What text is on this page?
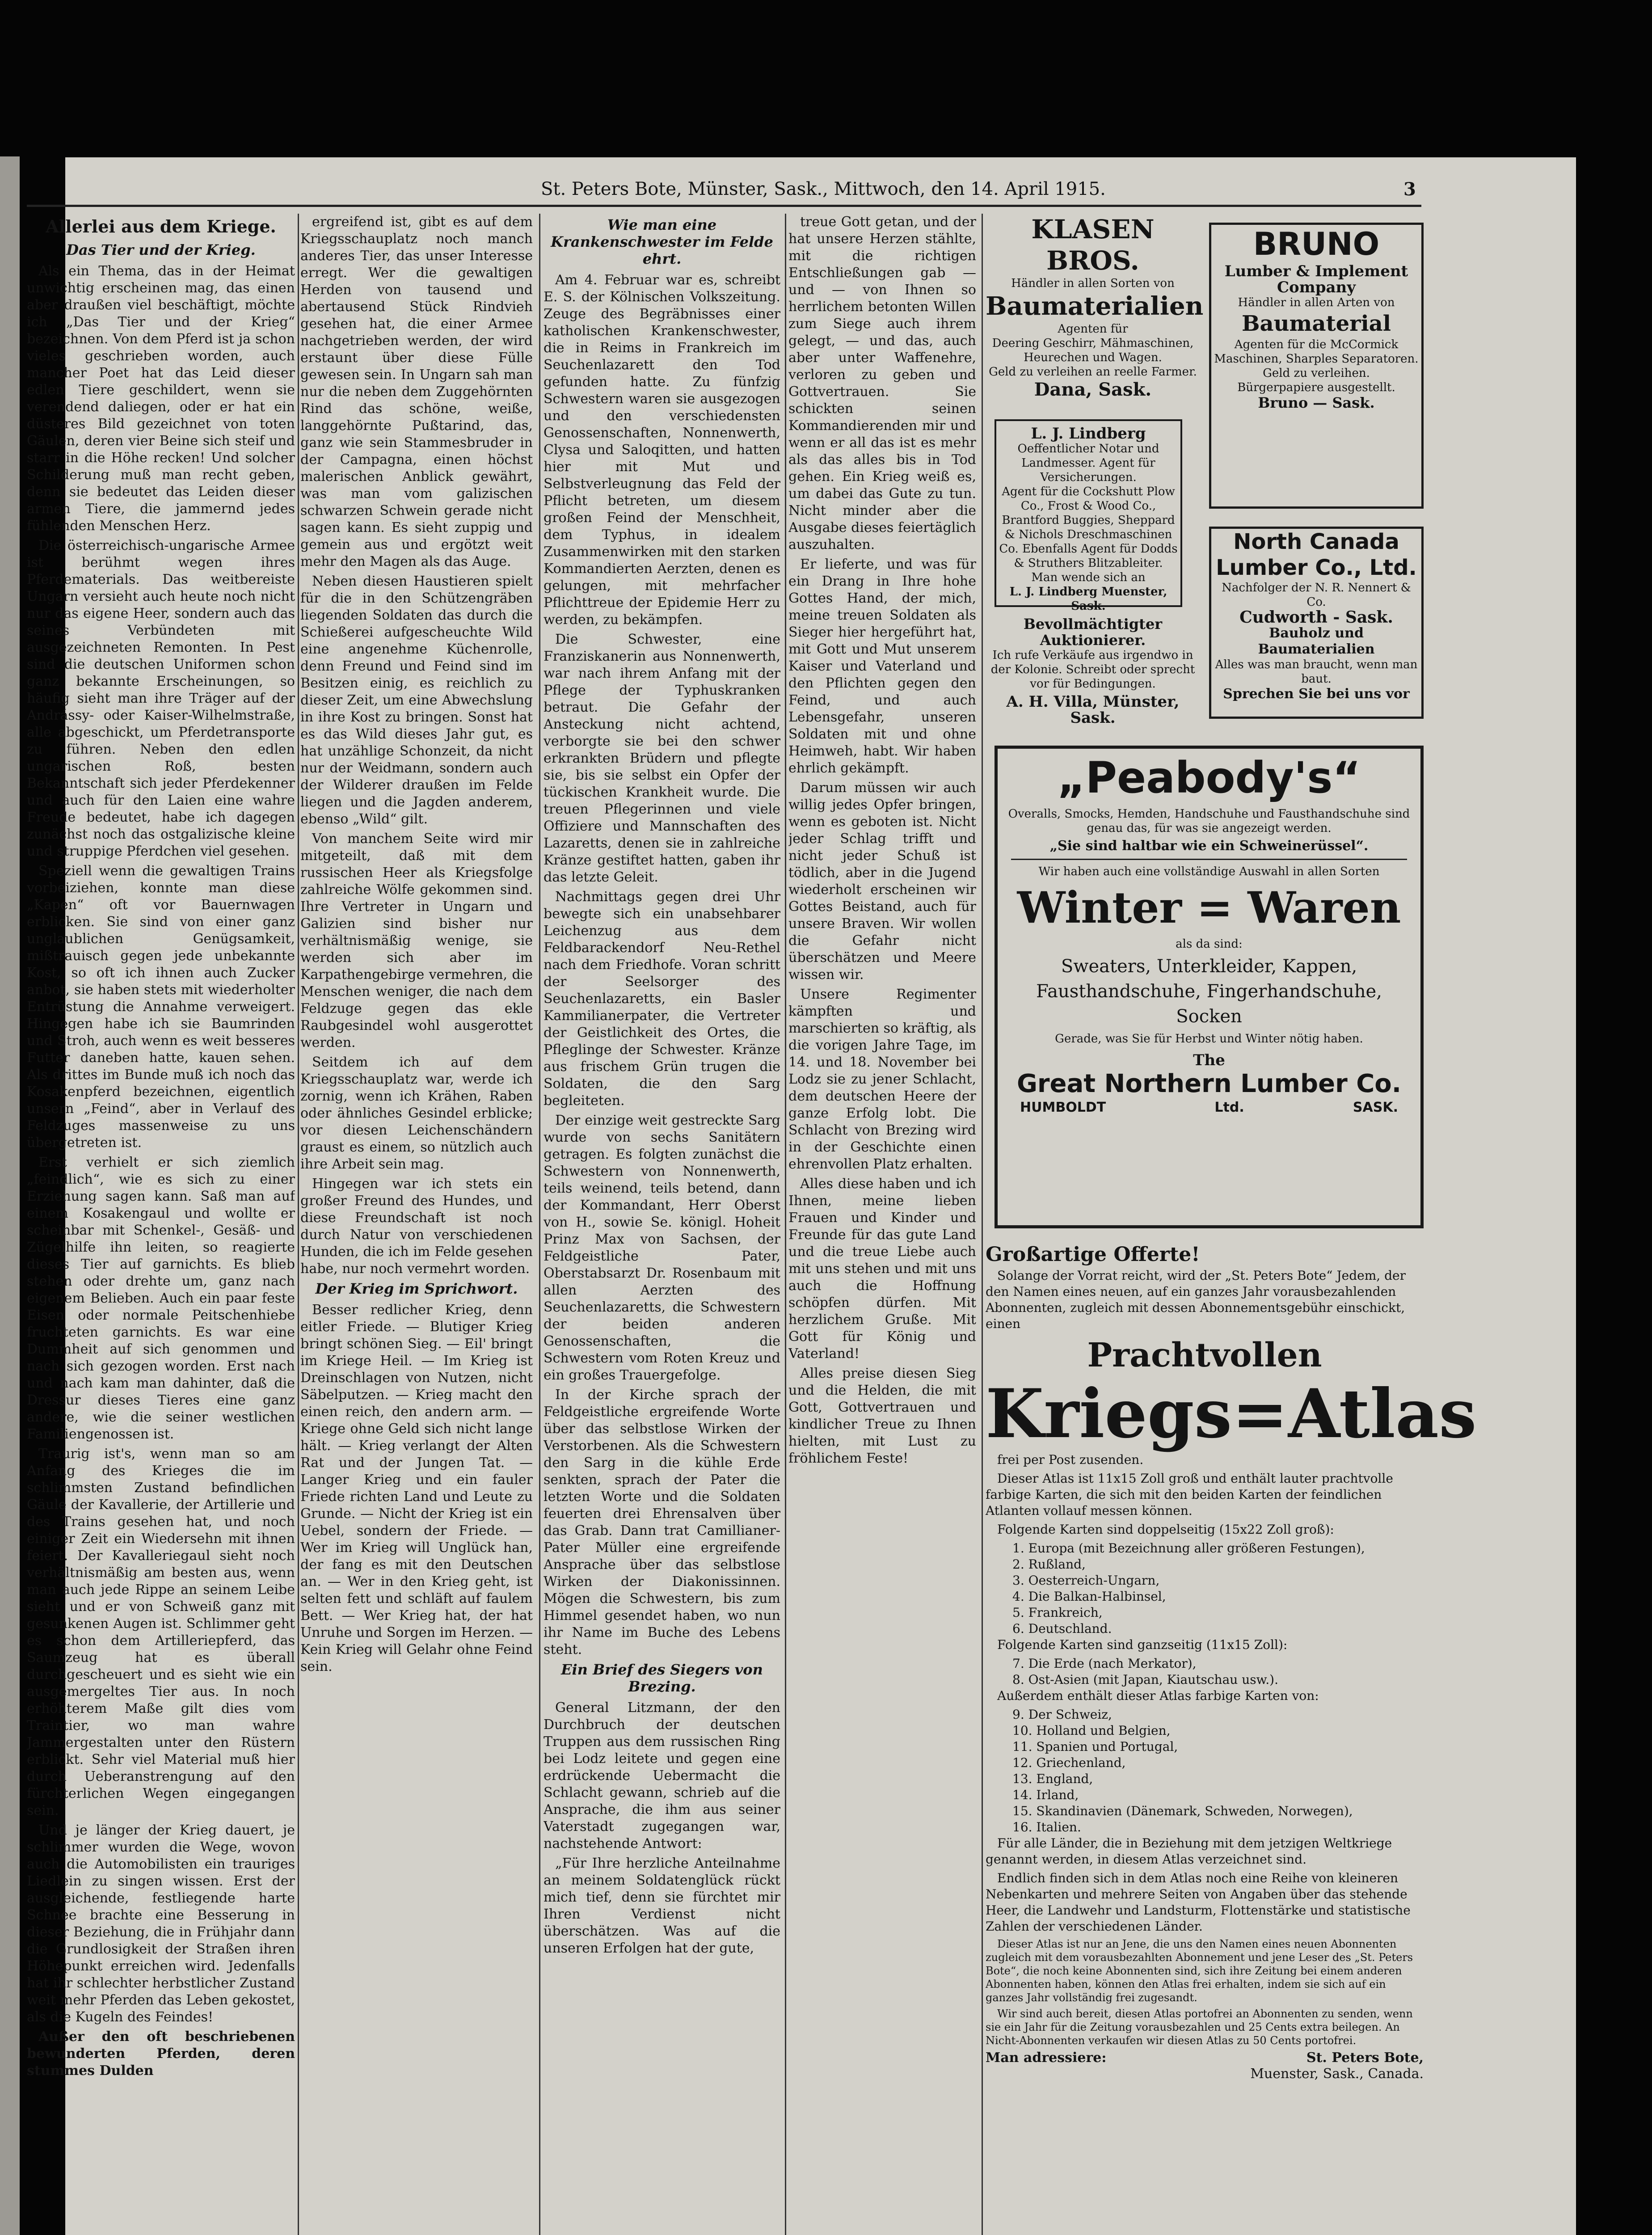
St. Peters Bote, Münster, Sask., Mittwoch, den 14. April 1915.	3
Allerlei aus dem Kriege.
Das Tier und der Krieg.

Als ein Thema, das in der Heimat unwichtig erscheinen mag, das einen aber draußen viel beschäftigt, möchte ich „Das Tier und der Krieg“ bezeichnen. Von dem Pferd ist ja schon vieles geschrieben worden, auch mancher Poet hat das Leid dieser edlen Tiere geschildert, wenn sie verendend daliegen, oder er hat ein düsteres Bild gezeichnet von toten Gäulen, deren vier Beine sich steif und starr in die Höhe recken! Und solcher Schilderung muß man recht geben, denn sie bedeutet das Leiden dieser armen Tiere, die jammernd jedes fühlenden Menschen Herz.

Die österreichisch-ungarische Armee ist berühmt wegen ihres Pferdematerials. Das weitbereiste Ungarn versieht auch heute noch nicht nur das eigene Heer, sondern auch das seines Verbündeten mit ausgezeichneten Remonten. In Pest sind die deutschen Uniformen schon ganz bekannte Erscheinungen, so häufig sieht man ihre Träger auf der Andrássy- oder Kaiser-Wilhelmstraße, alle abgeschickt, um Pferdetransporte zu führen. Neben den edlen ungarischen Roß, besten Bekanntschaft sich jeder Pferdekenner und auch für den Laien eine wahre Freude bedeutet, habe ich dagegen zunächst noch das ostgalizische kleine und struppige Pferdchen viel gesehen.

Speziell wenn die gewaltigen Trains vorbeiziehen, konnte man diese „Kapen“ oft vor Bauernwagen erblicken. Sie sind von einer ganz unglaublichen Genügsamkeit, mißtrauisch gegen jede unbekannte Kost, so oft ich ihnen auch Zucker anbot, sie haben stets mit wiederholter Entrüstung die Annahme verweigert. Hingegen habe ich sie Baumrinden und Stroh, auch wenn es weit besseres Futter daneben hatte, kauen sehen. Als drittes im Bunde muß ich noch das Kosakenpferd bezeichnen, eigentlich unsern „Feind“, aber in Verlauf des Feldzuges massenweise zu uns übergetreten ist.

Erst verhielt er sich ziemlich „feindlich“, wie es sich zu einer Erziehung sagen kann. Saß man auf einem Kosakengaul und wollte er scheinbar mit Schenkel-, Gesäß- und Zügelhilfe ihn leiten, so reagierte dieses Tier auf garnichts. Es blieb stehen oder drehte um, ganz nach eigenem Belieben. Auch ein paar feste Eisen oder normale Peitschenhiebe fruchteten garnichts. Es war eine Dummheit auf sich genommen und nach sich gezogen worden. Erst nach und nach kam man dahinter, daß die Dressur dieses Tieres eine ganz andere, wie die seiner westlichen Familiengenossen ist.

Traurig ist's, wenn man so am Anfang des Krieges die im schlimmsten Zustand befindlichen Gäule der Kavallerie, der Artillerie und des Trains gesehen hat, und noch einiger Zeit ein Wiedersehn mit ihnen feiert. Der Kavalleriegaul sieht noch verhältnismäßig am besten aus, wenn man auch jede Rippe an seinem Leibe sieht und er von Schweiß ganz mit gesunkenen Augen ist. Schlimmer geht es schon dem Artilleriepferd, das Saumzeug hat es überall durchgescheuert und es sieht wie ein ausgemergeltes Tier aus. In noch erhöhterem Maße gilt dies vom Traintier, wo man wahre Jammergestalten unter den Rüstern erblickt. Sehr viel Material muß hier durch Ueberanstrengung auf den fürchterlichen Wegen eingegangen sein.

Und je länger der Krieg dauert, je schlimmer wurden die Wege, wovon auch die Automobilisten ein trauriges Liedlein zu singen wissen. Erst der ausgleichende, festliegende harte Schnee brachte eine Besserung in dieser Beziehung, die in Frühjahr dann die Grundlosigkeit der Straßen ihren Höhepunkt erreichen wird. Jedenfalls hat ihr schlechter herbstlicher Zustand weit mehr Pferden das Leben gekostet, als die Kugeln des Feindes!

Außer den oft beschriebenen bewunderten Pferden, deren stummes Dulden

ergreifend ist, gibt es auf dem Kriegsschauplatz noch manch anderes Tier, das unser Interesse erregt. Wer die gewaltigen Herden von tausend und abertausend Stück Rindvieh gesehen hat, die einer Armee nachgetrieben werden, der wird erstaunt über diese Fülle gewesen sein. In Ungarn sah man nur die neben dem Zuggehörnten Rind das schöne, weiße, langgehörnte Pußtarind, das, ganz wie sein Stammesbruder in der Campagna, einen höchst malerischen Anblick gewährt, was man vom galizischen schwarzen Schwein gerade nicht sagen kann. Es sieht zuppig und gemein aus und ergötzt weit mehr den Magen als das Auge.

Neben diesen Haustieren spielt für die in den Schützengräben liegenden Soldaten das durch die Schießerei aufgescheuchte Wild eine angenehme Küchenrolle, denn Freund und Feind sind im Besitzen einig, es reichlich zu dieser Zeit, um eine Abwechslung in ihre Kost zu bringen. Sonst hat es das Wild dieses Jahr gut, es hat unzählige Schonzeit, da nicht nur der Weidmann, sondern auch der Wilderer draußen im Felde liegen und die Jagden anderem, ebenso „Wild“ gilt.

Von manchem Seite wird mir mitgeteilt, daß mit dem russischen Heer als Kriegsfolge zahlreiche Wölfe gekommen sind. Ihre Vertreter in Ungarn und Galizien sind bisher nur verhältnismäßig wenige, sie werden sich aber im Karpathengebirge vermehren, die Menschen weniger, die nach dem Feldzuge gegen das ekle Raubgesindel wohl ausgerottet werden.

Seitdem ich auf dem Kriegsschauplatz war, werde ich zornig, wenn ich Krähen, Raben oder ähnliches Gesindel erblicke; vor diesen Leichenschändern graust es einem, so nützlich auch ihre Arbeit sein mag.

Hingegen war ich stets ein großer Freund des Hundes, und diese Freundschaft ist noch durch Natur von verschiedenen Hunden, die ich im Felde gesehen habe, nur noch vermehrt worden.

Der Krieg im Sprichwort.

Besser redlicher Krieg, denn eitler Friede. — Blutiger Krieg bringt schönen Sieg. — Eil' bringt im Kriege Heil. — Im Krieg ist Dreinschlagen von Nutzen, nicht Säbelputzen. — Krieg macht den einen reich, den andern arm. — Kriege ohne Geld sich nicht lange hält. — Krieg verlangt der Alten Rat und der Jungen Tat. — Langer Krieg und ein fauler Friede richten Land und Leute zu Grunde. — Nicht der Krieg ist ein Uebel, sondern der Friede. — Wer im Krieg will Unglück han, der fang es mit den Deutschen an. — Wer in den Krieg geht, ist selten fett und schläft auf faulem Bett. — Wer Krieg hat, der hat Unruhe und Sorgen im Herzen. — Kein Krieg will Gelahr ohne Feind sein.

Wie man eine Krankenschwester im Felde ehrt.

Am 4. Februar war es, schreibt E. S. der Kölnischen Volkszeitung. Zeuge des Begräbnisses einer katholischen Krankenschwester, die in Reims in Frankreich im Seuchenlazarett den Tod gefunden hatte. Zu fünfzig Schwestern waren sie ausgezogen und den verschiedensten Genossenschaften, Nonnenwerth, Clysa und Saloqitten, und hatten hier mit Mut und Selbstverleugnung das Feld der Pflicht betreten, um diesem großen Feind der Menschheit, dem Typhus, in idealem Zusammenwirken mit den starken Kommandierten Aerzten, denen es gelungen, mit mehrfacher Pflichttreue der Epidemie Herr zu werden, zu bekämpfen.

Die Schwester, eine Franziskanerin aus Nonnenwerth, war nach ihrem Anfang mit der Pflege der Typhuskranken betraut. Die Gefahr der Ansteckung nicht achtend, verborgte sie bei den schwer erkrankten Brüdern und pflegte sie, bis sie selbst ein Opfer der tückischen Krankheit wurde. Die treuen Pflegerinnen und viele Offiziere und Mannschaften des Lazaretts, denen sie in zahlreiche Kränze gestiftet hatten, gaben ihr das letzte Geleit.

Nachmittags gegen drei Uhr bewegte sich ein unabsehbarer Leichenzug aus dem Feldbarackendorf Neu-Rethel nach dem Friedhofe. Voran schritt der Seelsorger des Seuchenlazaretts, ein Basler Kammilianerpater, die Vertreter der Geistlichkeit des Ortes, die Pfleglinge der Schwester. Kränze aus frischem Grün trugen die Soldaten, die den Sarg begleiteten.

Der einzige weit gestreckte Sarg wurde von sechs Sanitätern getragen. Es folgten zunächst die Schwestern von Nonnenwerth, teils weinend, teils betend, dann der Kommandant, Herr Oberst von H., sowie Se. königl. Hoheit Prinz Max von Sachsen, der Feldgeistliche Pater, Oberstabsarzt Dr. Rosenbaum mit allen Aerzten des Seuchenlazaretts, die Schwestern der beiden anderen Genossenschaften, die Schwestern vom Roten Kreuz und ein großes Trauergefolge.

In der Kirche sprach der Feldgeistliche ergreifende Worte über das selbstlose Wirken der Verstorbenen. Als die Schwestern den Sarg in die kühle Erde senkten, sprach der Pater die letzten Worte und die Soldaten feuerten drei Ehrensalven über das Grab. Dann trat Camillianer-Pater Müller eine ergreifende Ansprache über das selbstlose Wirken der Diakonissinnen. Mögen die Schwestern, bis zum Himmel gesendet haben, wo nun ihr Name im Buche des Lebens steht.

Ein Brief des Siegers von Brezing.

General Litzmann, der den Durchbruch der deutschen Truppen aus dem russischen Ring bei Lodz leitete und gegen eine erdrückende Uebermacht die Schlacht gewann, schrieb auf die Ansprache, die ihm aus seiner Vaterstadt zugegangen war, nachstehende Antwort:

„Für Ihre herzliche Anteilnahme an meinem Soldatenglück rückt mich tief, denn sie fürchtet mir Ihren Verdienst nicht überschätzen. Was auf die unseren Erfolgen hat der gute,

treue Gott getan, und der hat unsere Herzen stählte, mit die richtigen Entschließungen gab — und — von Ihnen so herrlichem betonten Willen zum Siege auch ihrem gelegt, — und das, auch aber unter Waffenehre, verloren zu geben und Gottvertrauen. Sie schickten seinen Kommandierenden mir und wenn er all das ist es mehr als das alles bis in Tod gehen. Ein Krieg weiß es, um dabei das Gute zu tun. Nicht minder aber die Ausgabe dieses feiertäglich auszuhalten.

Er lieferte, und was für ein Drang in Ihre hohe Gottes Hand, der mich, meine treuen Soldaten als Sieger hier hergeführt hat, mit Gott und Mut unserem Kaiser und Vaterland und den Pflichten gegen den Feind, und auch Lebensgefahr, unseren Soldaten mit und ohne Heimweh, habt. Wir haben ehrlich gekämpft.

Darum müssen wir auch willig jedes Opfer bringen, wenn es geboten ist. Nicht jeder Schlag trifft und nicht jeder Schuß ist tödlich, aber in die Jugend wiederholt erscheinen wir Gottes Beistand, auch für unsere Braven. Wir wollen die Gefahr nicht überschätzen und Meere wissen wir.

Unsere Regimenter kämpften und marschierten so kräftig, als die vorigen Jahre Tage, im 14. und 18. November bei Lodz sie zu jener Schlacht, dem deutschen Heere der ganze Erfolg lobt. Die Schlacht von Brezing wird in der Geschichte einen ehrenvollen Platz erhalten.

Alles diese haben und ich Ihnen, meine lieben Frauen und Kinder und Freunde für das gute Land und die treue Liebe auch mit uns stehen und mit uns auch die Hoffnung schöpfen dürfen. Mit herzlichem Gruße. Mit Gott für König und Vaterland!

Alles preise diesen Sieg und die Helden, die mit Gott, Gottvertrauen und kindlicher Treue zu Ihnen hielten, mit Lust zu fröhlichem Feste!

KLASEN BROS.
Händler in allen Sorten von
Baumaterialien
Agenten für
Deering Geschirr, Mähmaschinen, Heurechen und Wagen.
Geld zu verleihen an reelle Farmer.
Dana, Sask.
L. J. Lindberg
Oeffentlicher Notar und Landmesser. Agent für Versicherungen.
Agent für die Cockshutt Plow Co., Frost & Wood Co., Brantford Buggies, Sheppard & Nichols Dreschmaschinen Co. Ebenfalls Agent für Dodds & Struthers Blitzableiter.
Man wende sich an
L. J. Lindberg Muenster, Sask.
Bevollmächtigter Auktionierer.
Ich rufe Verkäufe aus irgendwo in der Kolonie. Schreibt oder sprecht vor für Bedingungen.
A. H. Villa, Münster, Sask.
BRUNO
Lumber & Implement Company
Händler in allen Arten von
Baumaterial
Agenten für die McCormick Maschinen, Sharples Separatoren.
Geld zu verleihen.
Bürgerpapiere ausgestellt.
Bruno — Sask.
North Canada Lumber Co., Ltd.
Nachfolger der N. R. Nennert & Co.
Cudworth - Sask.
Bauholz und Baumaterialien
Alles was man braucht, wenn man baut.
Sprechen Sie bei uns vor
„Peabody's“
Overalls, Smocks, Hemden, Handschuhe und Fausthandschuhe sind genau das, für was sie angezeigt werden.
„Sie sind haltbar wie ein Schweinerüssel“.
Wir haben auch eine vollständige Auswahl in allen Sorten
Winter = Waren
als da sind:
Sweaters, Unterkleider, Kappen, Fausthandschuhe, Fingerhandschuhe, Socken
Gerade, was Sie für Herbst und Winter nötig haben.
The
Great Northern Lumber Co.
HUMBOLDT	Ltd.	SASK.
Großartige Offerte!

Solange der Vorrat reicht, wird der „St. Peters Bote“ Jedem, der den Namen eines neuen, auf ein ganzes Jahr vorausbezahlenden Abonnenten, zugleich mit dessen Abonnementsgebühr einschickt, einen

Prachtvollen
Kriegs=Atlas

frei per Post zusenden.

Dieser Atlas ist 11x15 Zoll groß und enthält lauter prachtvolle farbige Karten, die sich mit den beiden Karten der feindlichen Atlanten vollauf messen können.

Folgende Karten sind doppelseitig (15x22 Zoll groß):

1. Europa (mit Bezeichnung aller größeren Festungen),
2. Rußland,
3. Oesterreich-Ungarn,
4. Die Balkan-Halbinsel,
5. Frankreich,
6. Deutschland.

Folgende Karten sind ganzseitig (11x15 Zoll):

7. Die Erde (nach Merkator),
8. Ost-Asien (mit Japan, Kiautschau usw.).

Außerdem enthält dieser Atlas farbige Karten von:

9. Der Schweiz,
10. Holland und Belgien,
11. Spanien und Portugal,
12. Griechenland,
13. England,
14. Irland,
15. Skandinavien (Dänemark, Schweden, Norwegen),
16. Italien.

Für alle Länder, die in Beziehung mit dem jetzigen Weltkriege genannt werden, in diesem Atlas verzeichnet sind.

Endlich finden sich in dem Atlas noch eine Reihe von kleineren Nebenkarten und mehrere Seiten von Angaben über das stehende Heer, die Landwehr und Landsturm, Flottenstärke und statistische Zahlen der verschiedenen Länder.

Dieser Atlas ist nur an Jene, die uns den Namen eines neuen Abonnenten zugleich mit dem vorausbezahlten Abonnement und jene Leser des „St. Peters Bote“, die noch keine Abonnenten sind, sich ihre Zeitung bei einem anderen Abonnenten haben, können den Atlas frei erhalten, indem sie sich auf ein ganzes Jahr vollständig frei zugesandt.

Wir sind auch bereit, diesen Atlas portofrei an Abonnenten zu senden, wenn sie ein Jahr für die Zeitung vorausbezahlen und 25 Cents extra beilegen. An Nicht-Abonnenten verkaufen wir diesen Atlas zu 50 Cents portofrei.

Man adressiere:	St. Peters Bote,
Muenster, Sask., Canada.
